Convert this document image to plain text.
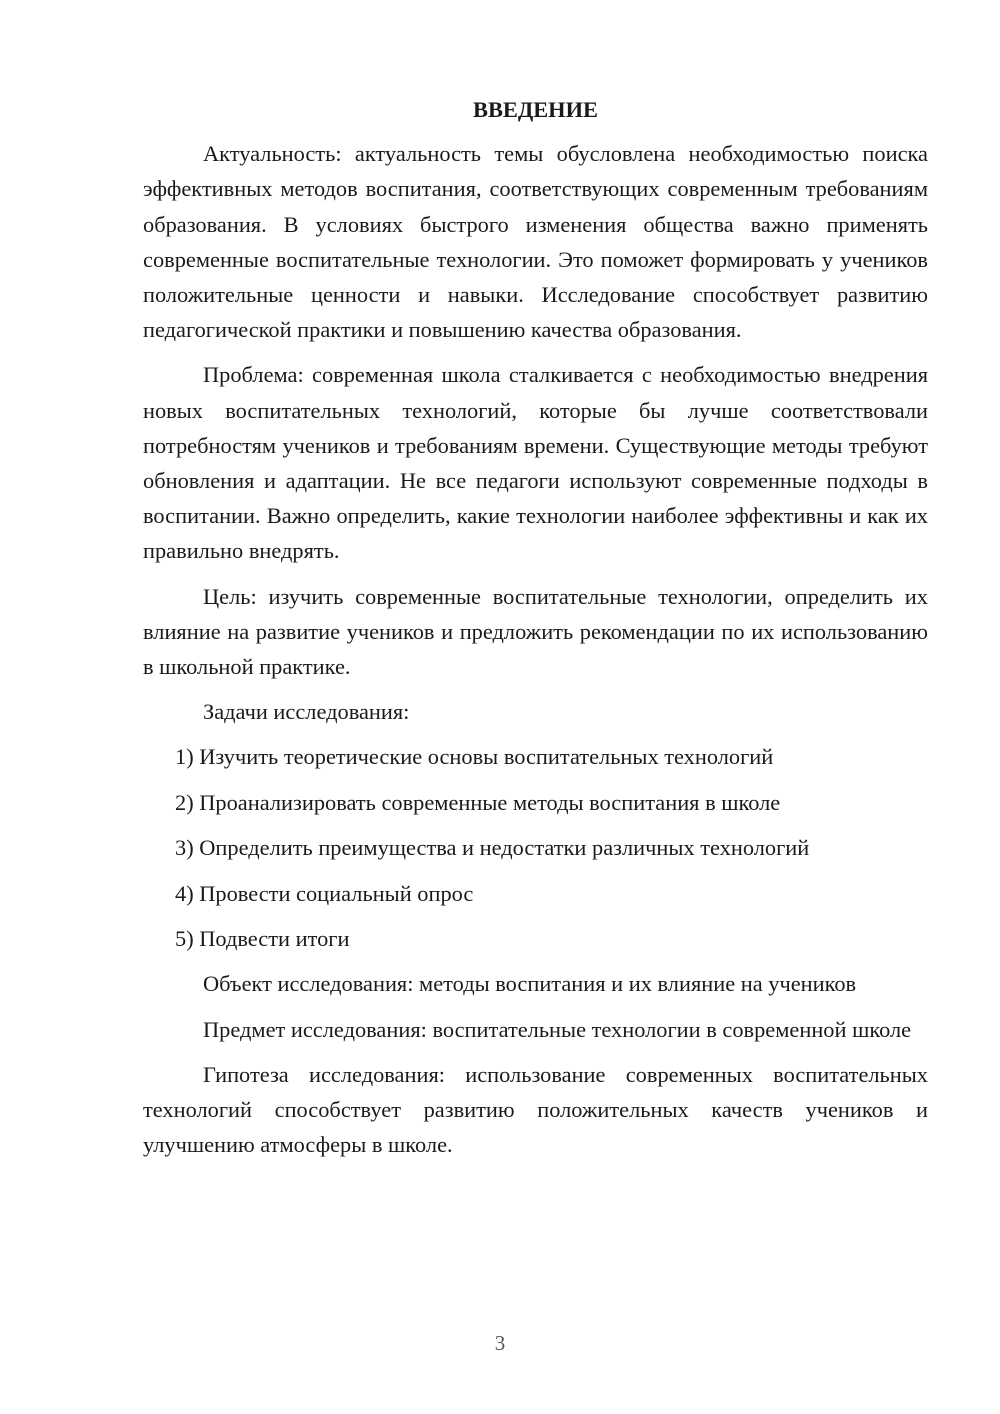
ВВЕДЕНИЕ

Актуальность: актуальность темы обусловлена необходимостью поиска эффективных методов воспитания, соответствующих современным требованиям образования. В условиях быстрого изменения общества важно применять современные воспитательные технологии. Это поможет формировать у учеников положительные ценности и навыки. Исследование способствует развитию педагогической практики и повышению качества образования.

Проблема: современная школа сталкивается с необходимостью внедрения новых воспитательных технологий, которые бы лучше соответствовали потребностям учеников и требованиям времени. Существующие методы требуют обновления и адаптации. Не все педагоги используют современные подходы в воспитании. Важно определить, какие технологии наиболее эффективны и как их правильно внедрять.

Цель: изучить современные воспитательные технологии, определить их влияние на развитие учеников и предложить рекомендации по их использованию в школьной практике.

Задачи исследования:

1) Изучить теоретические основы воспитательных технологий
2) Проанализировать современные методы воспитания в школе
3) Определить преимущества и недостатки различных технологий
4) Провести социальный опрос
5) Подвести итоги

Объект исследования: методы воспитания и их влияние на учеников

Предмет исследования: воспитательные технологии в современной школе

Гипотеза исследования: использование современных воспитательных технологий способствует развитию положительных качеств учеников и улучшению атмосферы в школе.

3
